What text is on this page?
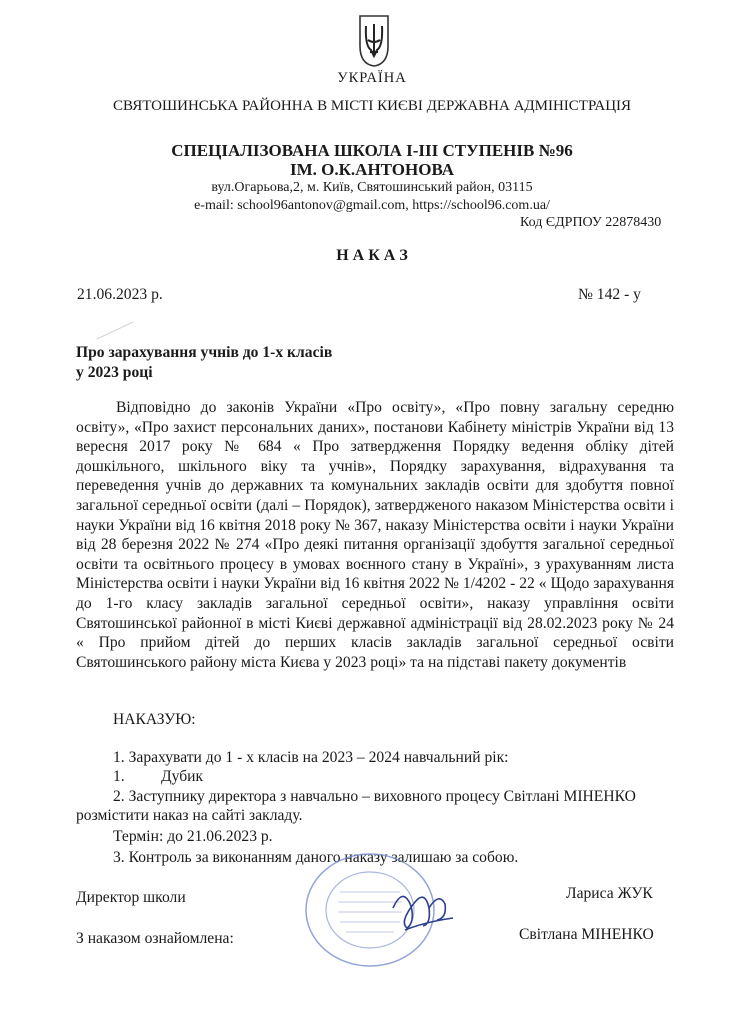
УКРАЇНА
СВЯТОШИНСЬКА РАЙОННА В МІСТІ КИЄВІ ДЕРЖАВНА АДМІНІСТРАЦІЯ
СПЕЦІАЛІЗОВАНА ШКОЛА І-ІІІ СТУПЕНІВ №96
ІМ. О.К.АНТОНОВА
вул.Огарьова,2, м. Київ, Святошинський район, 03115
e-mail: school96antonov@gmail.com, https://school96.com.ua/
Код ЄДРПОУ 22878430
Н А К А З
21.06.2023 р.	№ 142 - у
Про зарахування учнів до 1-х класів
у 2023 році

Відповідно до законів України «Про освіту», «Про повну загальну середню освіту», «Про захист персональних даних», постанови Кабінету міністрів України від 13 вересня 2017 року № 684 « Про затвердження Порядку ведення обліку дітей дошкільного, шкільного віку та учнів», Порядку зарахування, відрахування та переведення учнів до державних та комунальних закладів освіти для здобуття повної загальної середньої освіти (далі – Порядок), затвердженого наказом Міністерства освіти і науки України від 16 квітня 2018 року № 367, наказу Міністерства освіти і науки України від 28 березня 2022 № 274 «Про деякі питання організації здобуття загальної середньої освіти та освітнього процесу в умовах воєнного стану в Україні», з урахуванням листа Міністерства освіти і науки України від 16 квітня 2022 № 1/4202 - 22 « Щодо зарахування до 1-го класу закладів загальної середньої освіти», наказу управління освіти Святошинської районної в місті Києві державної адміністрації від 28.02.2023 року № 24 « Про прийом дітей до перших класів закладів загальної середньої освіти Святошинського району міста Києва у 2023 році» та на підставі пакету документів

НАКАЗУЮ:
1. Зарахувати до 1 - х класів на 2023 – 2024 навчальний рік:
1. Дубик
2. Заступнику директора з навчально – виховного процесу Світлані МІНЕНКО
розмістити наказ на сайті закладу.
Термін: до 21.06.2023 р.
3. Контроль за виконанням даного наказу залишаю за собою.
Директор школи	Лариса ЖУК
З наказом ознайомлена:	Світлана МІНЕНКО
